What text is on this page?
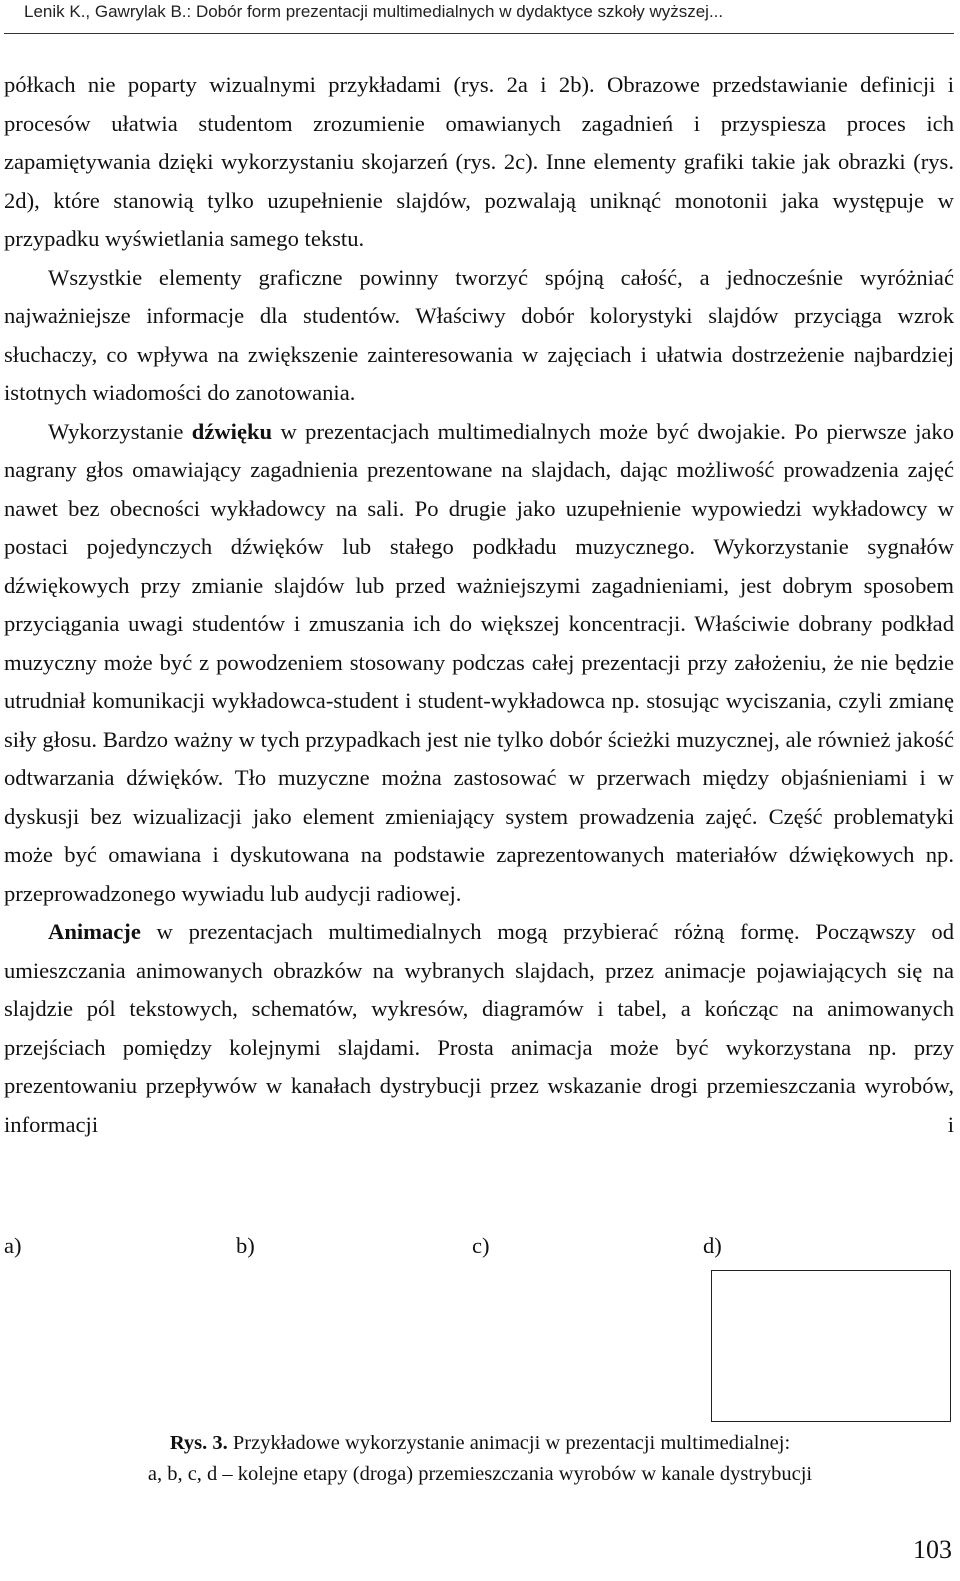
Lenik K., Gawrylak B.: Dobór form prezentacji multimedialnych w dydaktyce szkoły wyższej...

półkach nie poparty wizualnymi przykładami (rys. 2a i 2b). Obrazowe przedstawianie definicji i procesów ułatwia studentom zrozumienie omawianych zagadnień i przyspiesza proces ich zapamiętywania dzięki wykorzystaniu skojarzeń (rys. 2c). Inne elementy grafiki takie jak obrazki (rys. 2d), które stanowią tylko uzupełnienie slajdów, pozwalają uniknąć monotonii jaka występuje w przypadku wyświetlania samego tekstu.

Wszystkie elementy graficzne powinny tworzyć spójną całość, a jednocześnie wyróżniać najważniejsze informacje dla studentów. Właściwy dobór kolorystyki slajdów przyciąga wzrok słuchaczy, co wpływa na zwiększenie zainteresowania w zajęciach i ułatwia dostrzeżenie najbardziej istotnych wiadomości do zanotowania.

Wykorzystanie dźwięku w prezentacjach multimedialnych może być dwojakie. Po pierwsze jako nagrany głos omawiający zagadnienia prezentowane na slajdach, dając możliwość prowadzenia zajęć nawet bez obecności wykładowcy na sali. Po drugie jako uzupełnienie wypowiedzi wykładowcy w postaci pojedynczych dźwięków lub stałego podkładu muzycznego. Wykorzystanie sygnałów dźwiękowych przy zmianie slajdów lub przed ważniejszymi zagadnieniami, jest dobrym sposobem przyciągania uwagi studentów i zmuszania ich do większej koncentracji. Właściwie dobrany podkład muzyczny może być z powodzeniem stosowany podczas całej prezentacji przy założeniu, że nie będzie utrudniał komunikacji wykładowca-student i student-wykładowca np. stosując wyciszania, czyli zmianę siły głosu. Bardzo ważny w tych przypadkach jest nie tylko dobór ścieżki muzycznej, ale również jakość odtwarzania dźwięków. Tło muzyczne można zastosować w przerwach między objaśnieniami i w dyskusji bez wizualizacji jako element zmieniający system prowadzenia zajęć. Część problematyki może być omawiana i dyskutowana na podstawie zaprezentowanych materiałów dźwiękowych np. przeprowadzonego wywiadu lub audycji radiowej.

Animacje w prezentacjach multimedialnych mogą przybierać różną formę. Począwszy od umieszczania animowanych obrazków na wybranych slajdach, przez animacje pojawiających się na slajdzie pól tekstowych, schematów, wykresów, diagramów i tabel, a kończąc na animowanych przejściach pomiędzy kolejnymi slajdami. Prosta animacja może być wykorzystana np. przy prezentowaniu przepływów w kanałach dystrybucji przez wskazanie drogi przemieszczania wyrobów, informacji i

a)	b)	c)	d)
Rys. 3. Przykładowe wykorzystanie animacji w prezentacji multimedialnej:
a, b, c, d – kolejne etapy (droga) przemieszczania wyrobów w kanale dystrybucji
103
